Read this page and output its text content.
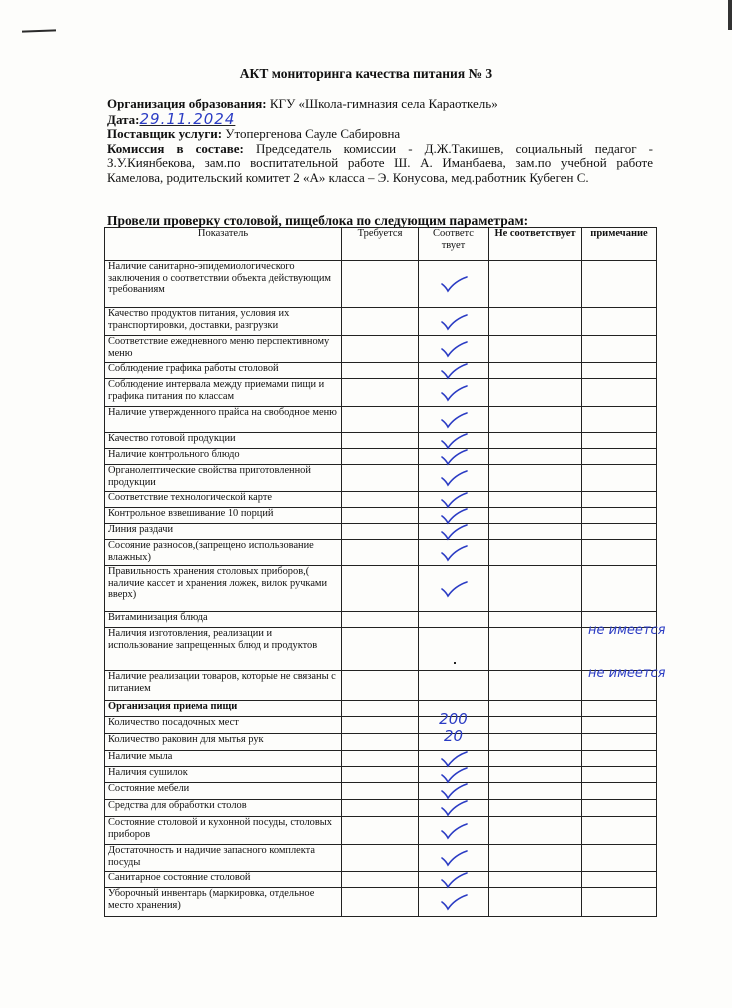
АКТ мониторинга качества питания № 3

Организация образования: КГУ «Школа-гимназия села Караоткель»

Дата:29.11.2024

Поставщик услуги: Утопергенова Сауле Сабировна

Комиссия в составе: Председатель комиссии - Д.Ж.Такишев, социальный педагог - З.У.Киянбекова, зам.по воспитательной работе Ш. А. Иманбаева, зам.по учебной работе Камелова, родительский комитет 2 «А» класса – Э. Конусова, мед.работник Кубеген С.

Провели проверку столовой, пищеблока по следующим параметрам:
Показатель	Требуется	Соответс твует	Не соответствует	примечание
Наличие санитарно-эпидемиологического заключения о соответствии объекта действующим требованиям		

Качество продуктов питания, условия их транспортировки, доставки, разгрузки		

Соответствие ежедневного меню перспективному меню		

Соблюдение графика работы столовой		

Соблюдение интервала между приемами пищи и графика питания по классам		

Наличие утвержденного прайса на свободное меню		

Качество готовой продукции		

Наличие контрольного блюдо		

Органолептические свойства приготовленной продукции		

Соответствие технологической карте		

Контрольное взвешивание 10 порций		

Линия раздачи		

Сосояние разносов,(запрещено использование влажных)		

Правильность хранения столовых приборов,( наличие кассет и хранения ложек, вилок ручками вверх)		

Витаминизация блюда				
Наличия изготовления, реализации и использование запрещенных блюд и продуктов				не имеется

Наличие реализации товаров, которые не связаны с питанием				не имеется

Организация приема пищи				
Количество посадочных мест		200		

Количество раковин для мытья рук		20		

Наличие мыла		

Наличия сушилок		

Состояние мебели		

Средства для обработки столов		

Состояние столовой и кухонной посуды, столовых приборов		

Достаточность и надичие запасного комплекта посуды		

Санитарное состояние столовой		

Уборочный инвентарь (маркировка, отдельное место хранения)		
